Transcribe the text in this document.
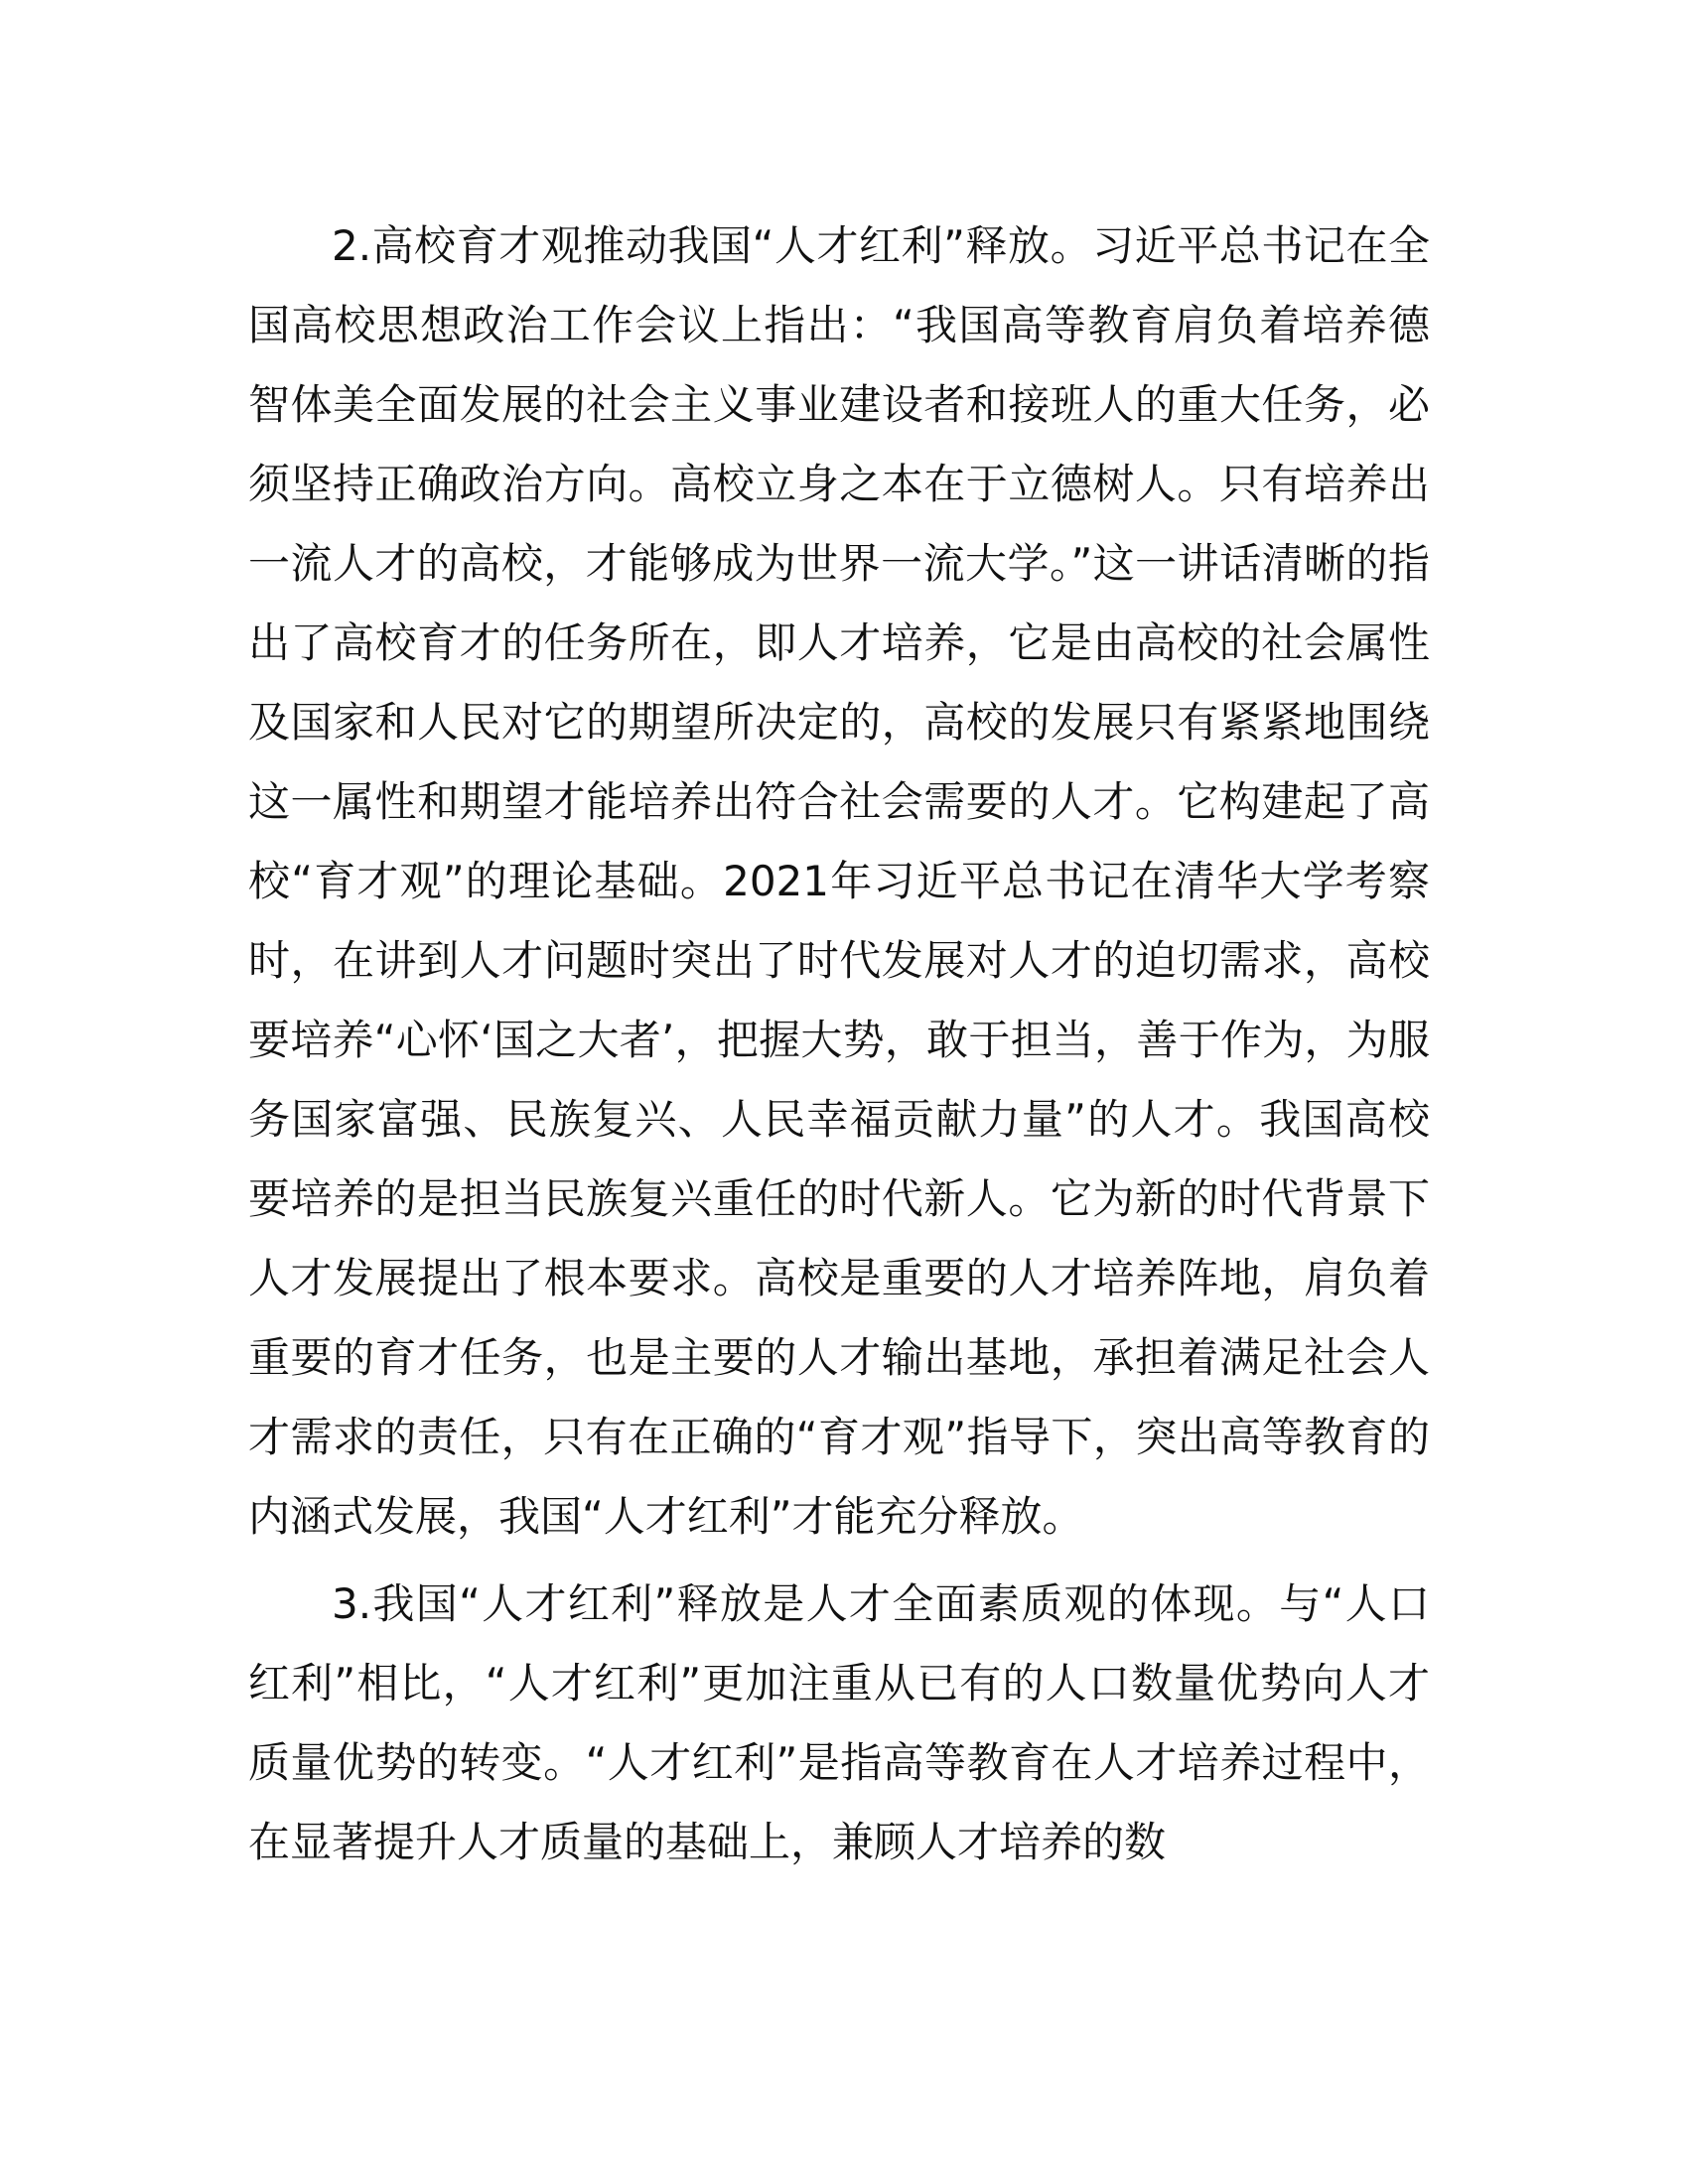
2.高校育才观推动我国“人才红利”释放。习近平总书记在全国高校思想政治工作会议上指出：“我国高等教育肩负着培养德智体美全面发展的社会主义事业建设者和接班人的重大任务，必须坚持正确政治方向。高校立身之本在于立德树人。只有培养出一流人才的高校，才能够成为世界一流大学。”这一讲话清晰的指出了高校育才的任务所在，即人才培养，它是由高校的社会属性及国家和人民对它的期望所决定的，高校的发展只有紧紧地围绕这一属性和期望才能培养出符合社会需要的人才。它构建起了高校“育才观”的理论基础。2021年习近平总书记在清华大学考察时，在讲到人才问题时突出了时代发展对人才的迫切需求，高校要培养“心怀‘国之大者’，把握大势，敢于担当，善于作为，为服务国家富强、民族复兴、人民幸福贡献力量”的人才。我国高校要培养的是担当民族复兴重任的时代新人。它为新的时代背景下人才发展提出了根本要求。高校是重要的人才培养阵地，肩负着重要的育才任务，也是主要的人才输出基地，承担着满足社会人才需求的责任，只有在正确的“育才观”指导下，突出高等教育的内涵式发展，我国“人才红利”才能充分释放。

3.我国“人才红利”释放是人才全面素质观的体现。与“人口红利”相比，“人才红利”更加注重从已有的人口数量优势向人才质量优势的转变。“人才红利”是指高等教育在人才培养过程中，在显著提升人才质量的基础上，兼顾人才培养的数
